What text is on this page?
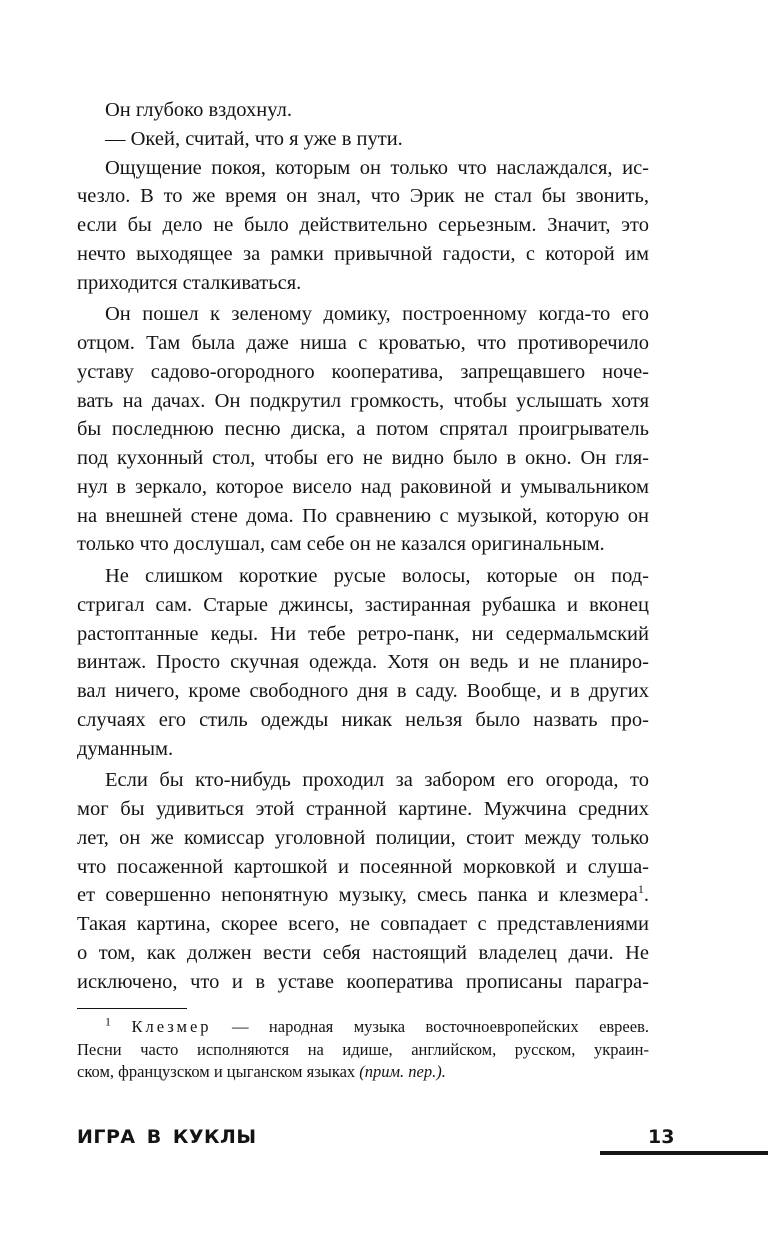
Он глубоко вздохнул.
— Окей, считай, что я уже в пути.
Ощущение покоя, которым он только что наслаждался, ис-
чезло. В то же время он знал, что Эрик не стал бы звонить,
если бы дело не было действительно серьезным. Значит, это
нечто выходящее за рамки привычной гадости, с которой им
приходится сталкиваться.
Он пошел к зеленому домику, построенному когда-то его
отцом. Там была даже ниша с кроватью, что противоречило
уставу садово-огородного кооператива, запрещавшего ноче-
вать на дачах. Он подкрутил громкость, чтобы услышать хотя
бы последнюю песню диска, а потом спрятал проигрыватель
под кухонный стол, чтобы его не видно было в окно. Он гля-
нул в зеркало, которое висело над раковиной и умывальником
на внешней стене дома. По сравнению с музыкой, которую он
только что дослушал, сам себе он не казался оригинальным.
Не слишком короткие русые волосы, которые он под-
стригал сам. Старые джинсы, застиранная рубашка и вконец
растоптанные кеды. Ни тебе ретро-панк, ни седермальмский
винтаж. Просто скучная одежда. Хотя он ведь и не планиро-
вал ничего, кроме свободного дня в саду. Вообще, и в других
случаях его стиль одежды никак нельзя было назвать про-
думанным.
Если бы кто-нибудь проходил за забором его огорода, то
мог бы удивиться этой странной картине. Мужчина средних
лет, он же комиссар уголовной полиции, стоит между только
что посаженной картошкой и посеянной морковкой и слуша-
ет совершенно непонятную музыку, смесь панка и клезмера$^1$.
Такая картина, скорее всего, не совпадает с представлениями
о том, как должен вести себя настоящий владелец дачи. Не
исключено, что и в уставе кооператива прописаны парагра-
$^1$ Клезмер — народная музыка восточноевропейских евреев.
Песни часто исполняются на идише, английском, русском, украин-
ском, французском и цыганском языках (прим. пер.).
ИГРА В КУКЛЫ	13
